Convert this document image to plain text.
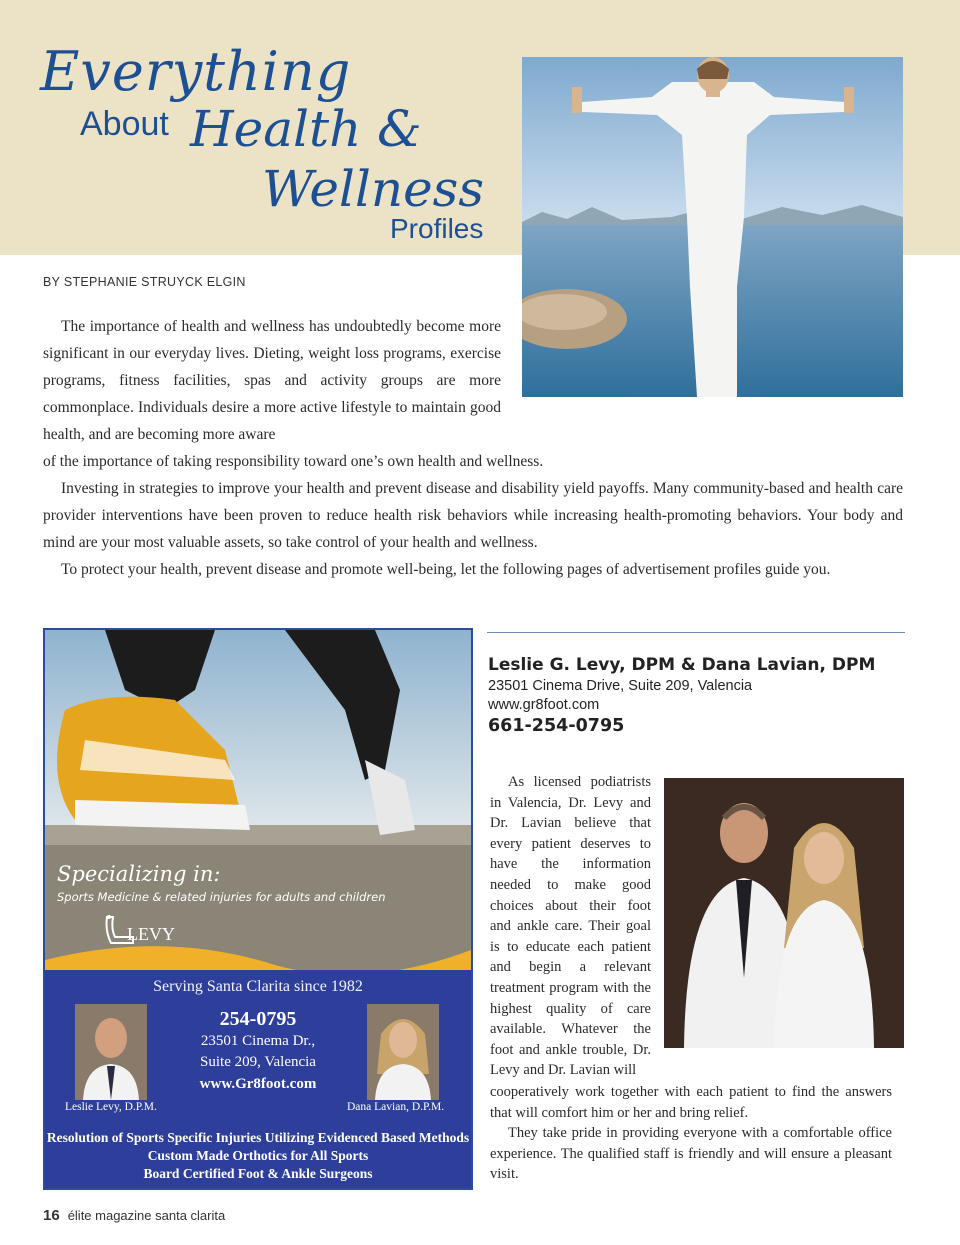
Everything
About Health &
Wellness
Profiles
BY STEPHANIE STRUYCK ELGIN

The importance of health and wellness has undoubtedly become more significant in our everyday lives. Dieting, weight loss programs, exercise programs, fitness facilities, spas and activity groups are more commonplace. Individuals desire a more active lifestyle to maintain good health, and are becoming more aware

of the importance of taking responsibility toward one’s own health and wellness.

Investing in strategies to improve your health and prevent disease and disability yield payoffs. Many community-based and health care provider interventions have been proven to reduce health risk behaviors while increasing health-promoting behaviors. Your body and mind are your most valuable assets, so take control of your health and wellness.

To protect your health, prevent disease and promote well-being, let the following pages of advertisement profiles guide you.

Specializing in:
Sports Medicine & related injuries for adults and children
LEVY
Serving Santa Clarita since 1982
254-0795
23501 Cinema Dr.,
Suite 209, Valencia
www.Gr8foot.com
Leslie Levy, D.P.M.	Dana Lavian, D.P.M.
Resolution of Sports Specific Injuries Utilizing Evidenced Based Methods
Custom Made Orthotics for All Sports
Board Certified Foot & Ankle Surgeons
Leslie G. Levy, DPM & Dana Lavian, DPM
23501 Cinema Drive, Suite 209, Valencia
www.gr8foot.com
661-254-0795

As licensed podiatrists in Valencia, Dr. Levy and Dr. Lavian believe that every patient deserves to have the information needed to make good choices about their foot and ankle care. Their goal is to educate each patient and begin a relevant treatment program with the highest quality of care available. Whatever the foot and ankle trouble, Dr. Levy and Dr. Lavian will

cooperatively work together with each patient to find the answers that will comfort him or her and bring relief.

They take pride in providing everyone with a comfortable office experience. The qualified staff is friendly and will ensure a pleasant visit.

16 élite magazine santa clarita
